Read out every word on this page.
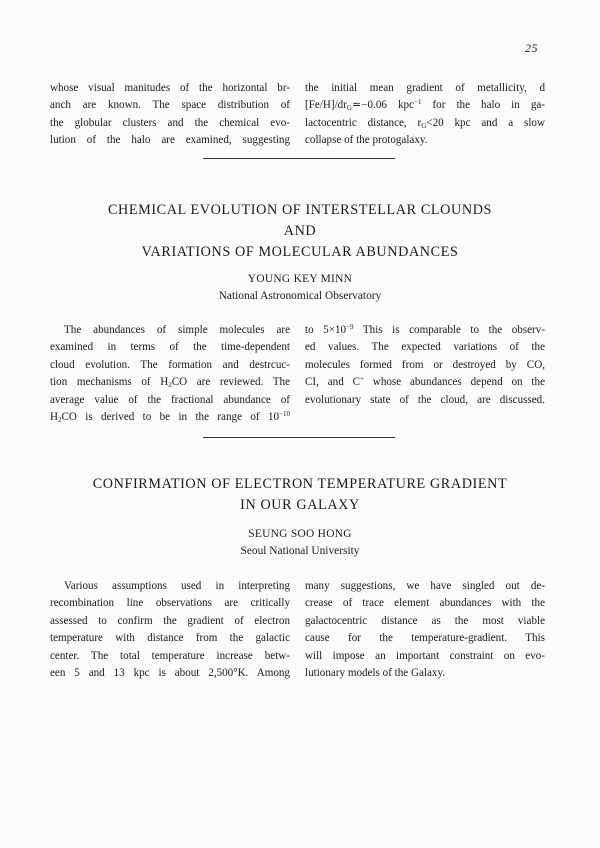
25
whose visual manitudes of the horizontal br-
anch are known. The space distribution of
the globular clusters and the chemical evo-
lution of the halo are examined, suggesting
the initial mean gradient of metallicity, d
$[Fe/H]/dr_G≃-0.06$ kpc$^{-1}$ for the halo in ga-
lactocentric distance, $r_G<20$ kpc and a slow
collapse of the protogalaxy.
CHEMICAL EVOLUTION OF INTERSTELLAR CLOUNDS
AND
VARIATIONS OF MOLECULAR ABUNDANCES
YOUNG KEY MINN
National Astronomical Observatory
The abundances of simple molecules are
examined in terms of the time-dependent
cloud evolution. The formation and destrcuc-
tion mechanisms of $H_2CO$ are reviewed. The
average value of the fractional abundance of
$H_2CO$ is derived to be in the range of $10^{-10}$
to $5\times 10^{-9}$ This is comparable to the observ-
ed values. The expected variations of the
molecules formed from or destroyed by CO,
CI, and C+ whose abundances depend on the
evolutionary state of the cloud, are discussed.
CONFIRMATION OF ELECTRON TEMPERATURE GRADIENT
IN OUR GALAXY
SEUNG SOO HONG
Seoul National University
Various assumptions used in interpreting
recombination line observations are critically
assessed to confirm the gradient of electron
temperature with distance from the galactic
center. The total temperature increase betw-
een 5 and 13 kpc is about 2,500°K. Among
many suggestions, we have singled out de-
crease of trace element abundances with the
galactocentric distance as the most viable
cause for the temperature-gradient. This
will impose an important constraint on evo-
lutionary models of the Galaxy.
